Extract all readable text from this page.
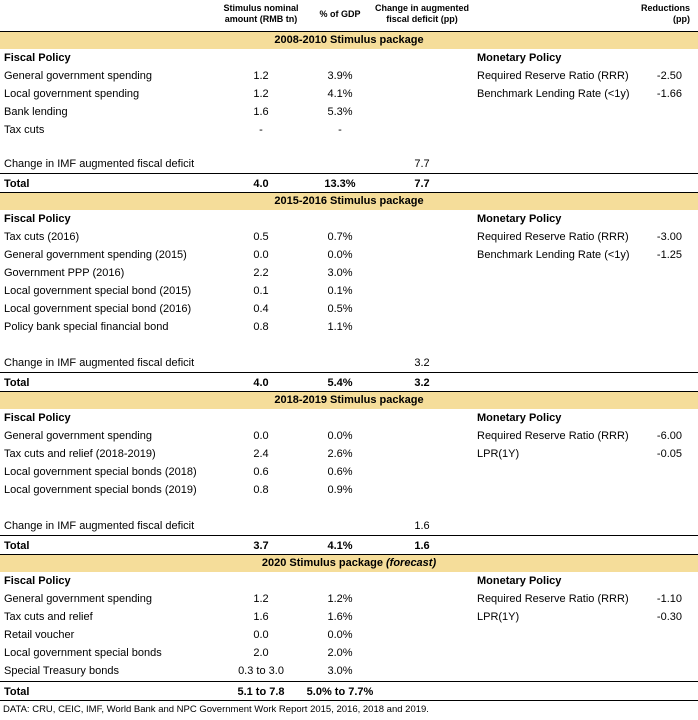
Stimulus nominal amount (RMB tn)	% of GDP
Change in augmented fiscal deficit (pp)
Reductions (pp)
2008-2010 Stimulus package
Fiscal Policy	Monetary Policy
General government spending	1.2	3.9%	Required Reserve Ratio (RRR)	-2.50
Local government spending	1.2	4.1%	Benchmark Lending Rate (<1y)	-1.66
Bank lending	1.6	5.3%
Tax cuts	-	-
Change in IMF augmented fiscal deficit	7.7
Total	4.0	13.3%	7.7
2015-2016 Stimulus package
Fiscal Policy	Monetary Policy
Tax cuts (2016)	0.5	0.7%	Required Reserve Ratio (RRR)	-3.00
General government spending (2015)	0.0	0.0%	Benchmark Lending Rate (<1y)	-1.25
Government PPP (2016)	2.2	3.0%
Local government special bond (2015)	0.1	0.1%
Local government special bond (2016)	0.4	0.5%
Policy bank special financial bond	0.8	1.1%
Change in IMF augmented fiscal deficit	3.2
Total	4.0	5.4%	3.2
2018-2019 Stimulus package
Fiscal Policy	Monetary Policy
General government spending	0.0	0.0%	Required Reserve Ratio (RRR)	-6.00
Tax cuts and relief (2018-2019)	2.4	2.6%	LPR(1Y)	-0.05
Local government special bonds (2018)	0.6	0.6%
Local government special bonds (2019)	0.8	0.9%
Change in IMF augmented fiscal deficit	1.6
Total	3.7	4.1%	1.6
2020 Stimulus package (forecast)
Fiscal Policy	Monetary Policy
General government spending	1.2	1.2%	Required Reserve Ratio (RRR)	-1.10
Tax cuts and relief	1.6	1.6%	LPR(1Y)	-0.30
Retail voucher	0.0	0.0%
Local government special bonds	2.0	2.0%
Special Treasury bonds	0.3 to 3.0	3.0%
Total	5.1 to 7.8	5.0% to 7.7%
DATA: CRU, CEIC, IMF, World Bank and NPC Government Work Report 2015, 2016, 2018 and 2019.
